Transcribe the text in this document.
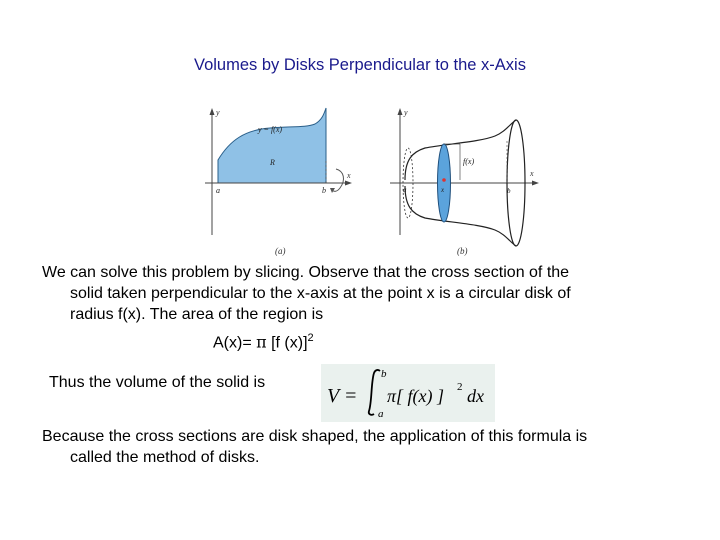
Volumes by Disks Perpendicular to the x-Axis
y
x
y = f(x)
R
a	b
(a)
y
x
f(x)
x
a	b
(b)
We can solve this problem by slicing. Observe that the cross section of the
solid taken perpendicular to the x-axis at the point x is a circular disk of
radius f(x). The area of the region is
A(x)= π [f (x)]$^2$
Thus the volume of the solid is
V =
b
a
π[ f(x) ] 2 dx
Because the cross sections are disk shaped, the application of this formula is
called the method of disks.
